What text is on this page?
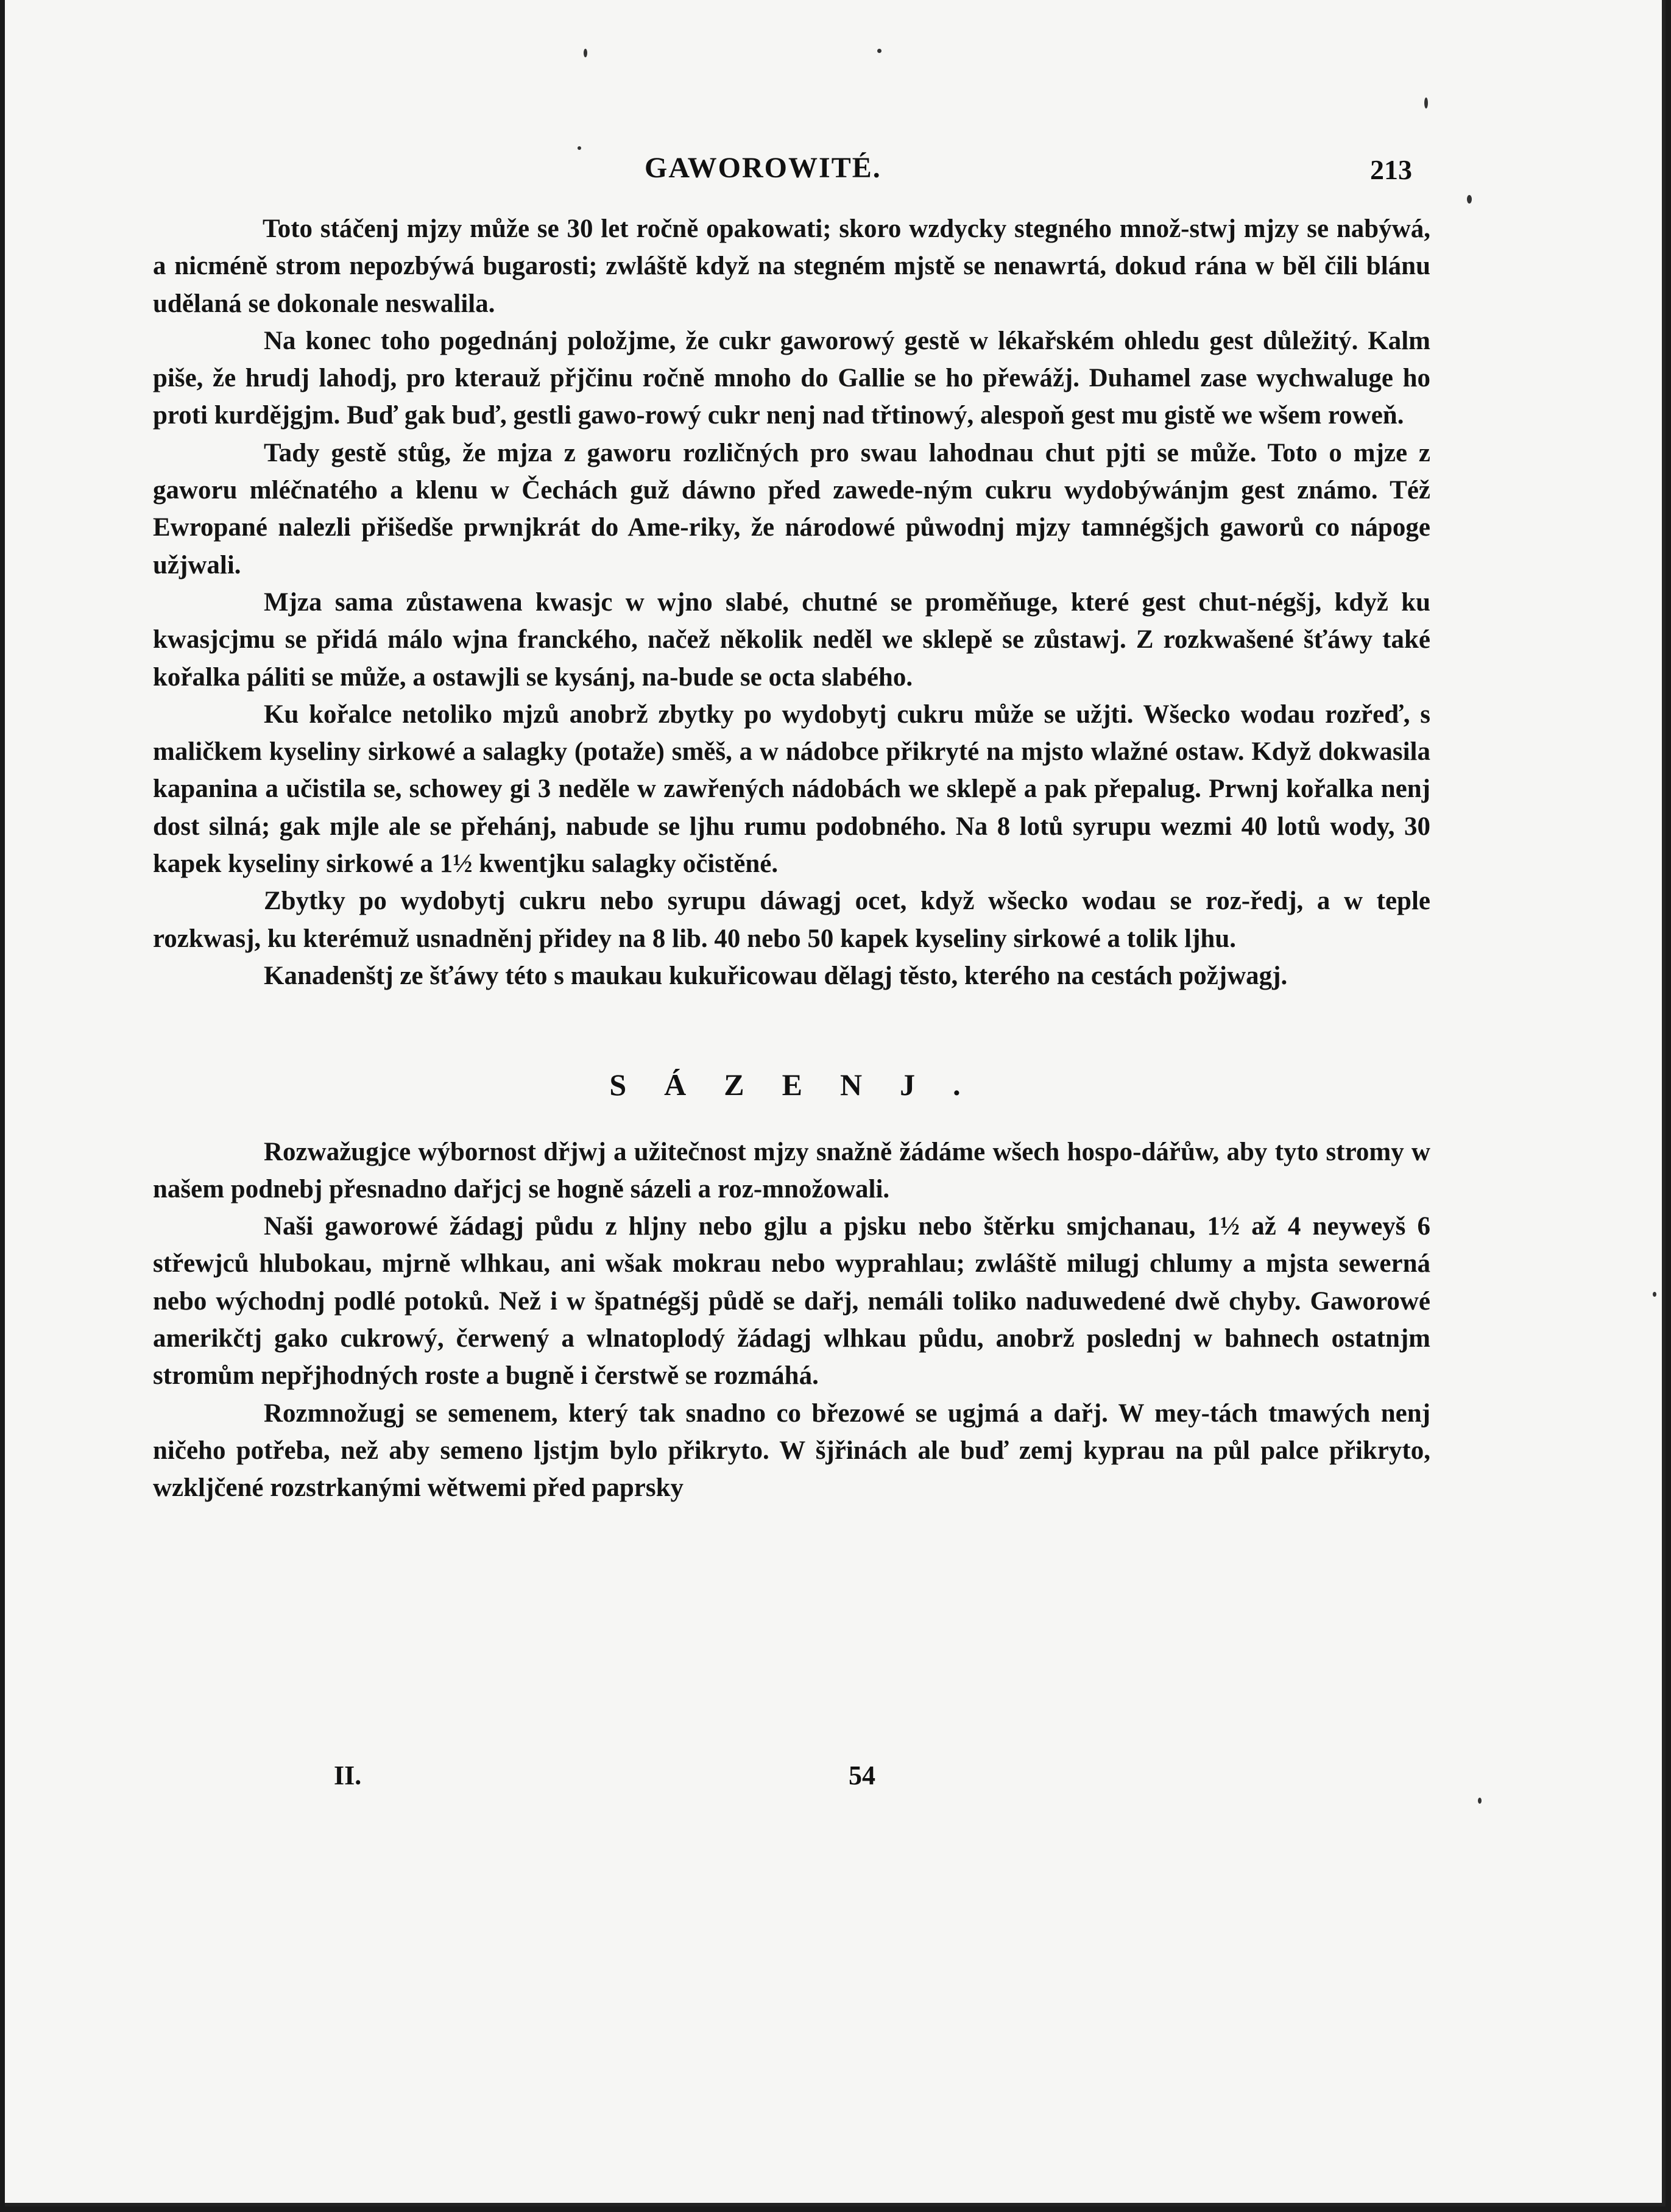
GAWOROWITÉ.	213

Toto stáčenj mjzy může se 30 let ročně opakowati; skoro wzdycky stegného množ-stwj mjzy se nabýwá, a nicméně strom nepozbýwá bugarosti; zwláště když na stegném mjstě se nenawrtá, dokud rána w běl čili blánu udělaná se dokonale neswalila.

Na konec toho pogednánj položjme, že cukr gaworowý gestě w lékařském ohledu gest důležitý. Kalm piše, že hrudj lahodj, pro kterauž přjčinu ročně mnoho do Gallie se ho přewážj. Duhamel zase wychwaluge ho proti kurdějgjm. Buď gak buď, gestli gawo-rowý cukr nenj nad třtinowý, alespoň gest mu gistě we wšem roweň.

Tady gestě stůg, že mjza z gaworu rozličných pro swau lahodnau chut pjti se může. Toto o mjze z gaworu mléčnatého a klenu w Čechách guž dáwno před zawede-ným cukru wydobýwánjm gest známo. Též Ewropané nalezli přišedše prwnjkrát do Ame-riky, že národowé půwodnj mjzy tamnégšjch gaworů co nápoge užjwali.

Mjza sama zůstawena kwasjc w wjno slabé, chutné se proměňuge, které gest chut-négšj, když ku kwasjcjmu se přidá málo wjna franckého, načež několik neděl we sklepě se zůstawj. Z rozkwašené šťáwy také kořalka páliti se může, a ostawjli se kysánj, na-bude se octa slabého.

Ku kořalce netoliko mjzů anobrž zbytky po wydobytj cukru může se užjti. Wšecko wodau rozřeď, s maličkem kyseliny sirkowé a salagky (potaže) směš, a w nádobce přikryté na mjsto wlažné ostaw. Když dokwasila kapanina a učistila se, schowey gi 3 neděle w zawřených nádobách we sklepě a pak přepalug. Prwnj kořalka nenj dost silná; gak mjle ale se přehánj, nabude se ljhu rumu podobného. Na 8 lotů syrupu wezmi 40 lotů wody, 30 kapek kyseliny sirkowé a 1½ kwentjku salagky očistěné.

Zbytky po wydobytj cukru nebo syrupu dáwagj ocet, když wšecko wodau se roz-ředj, a w teple rozkwasj, ku kterémuž usnadněnj přidey na 8 lib. 40 nebo 50 kapek kyseliny sirkowé a tolik ljhu.

Kanadenštj ze šťáwy této s maukau kukuřicowau dělagj těsto, kterého na cestách požjwagj.

SÁZENJ.

Rozwažugjce wýbornost dřjwj a užitečnost mjzy snažně žádáme wšech hospo-dářůw, aby tyto stromy w našem podnebj přesnadno dařjcj se hogně sázeli a roz-množowali.

Naši gaworowé žádagj půdu z hljny nebo gjlu a pjsku nebo štěrku smjchanau, 1½ až 4 neyweyš 6 střewjců hlubokau, mjrně wlhkau, ani wšak mokrau nebo wyprahlau; zwláště milugj chlumy a mjsta sewerná nebo wýchodnj podlé potoků. Než i w špatnégšj půdě se dařj, nemáli toliko naduwedené dwě chyby. Gaworowé amerikčtj gako cukrowý, čerwený a wlnatoplodý žádagj wlhkau půdu, anobrž poslednj w bahnech ostatnjm stromům nepřjhodných roste a bugně i čerstwě se rozmáhá.

Rozmnožugj se semenem, který tak snadno co březowé se ugjmá a dařj. W mey-tách tmawých nenj ničeho potřeba, než aby semeno ljstjm bylo přikryto. W šjřinách ale buď zemj kyprau na půl palce přikryto, wzkljčené rozstrkanými wětwemi před paprsky

II.	54
